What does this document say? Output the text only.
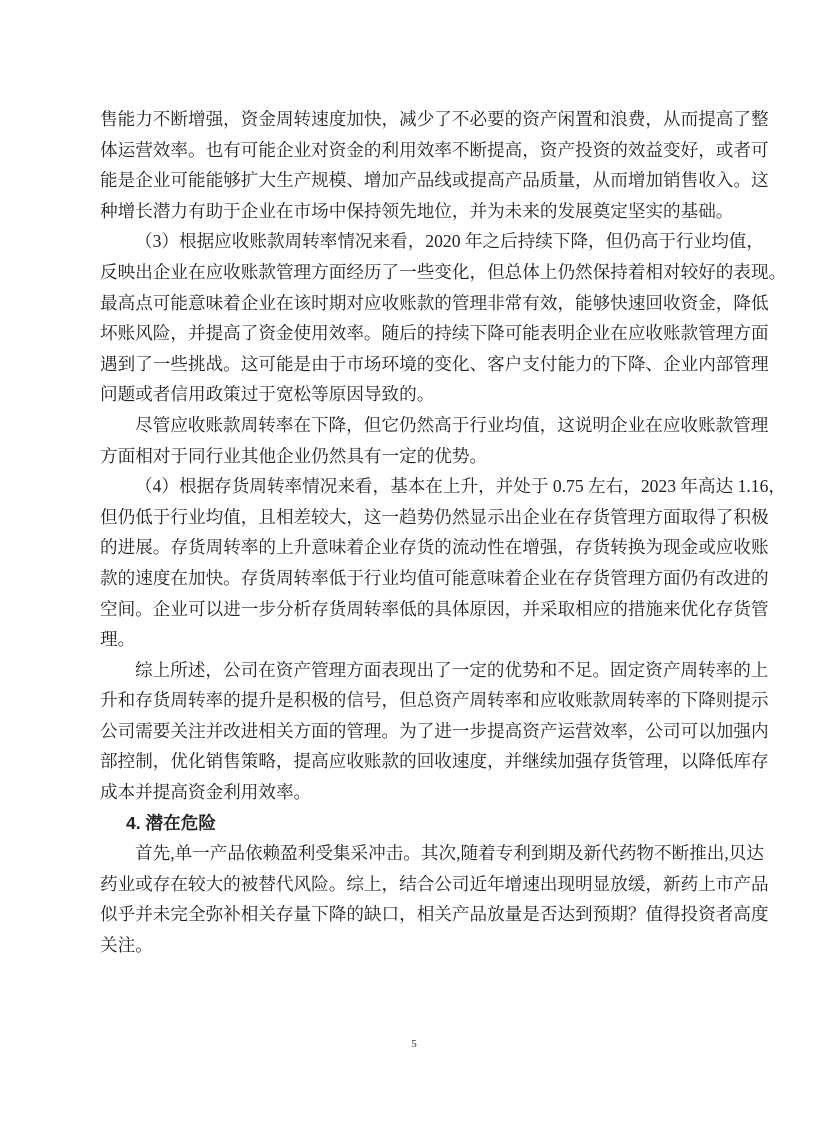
售能力不断增强，资金周转速度加快，减少了不必要的资产闲置和浪费，从而提高了整
体运营效率。也有可能企业对资金的利用效率不断提高，资产投资的效益变好，或者可
能是企业可能能够扩大生产规模、增加产品线或提高产品质量，从而增加销售收入。这
种增长潜力有助于企业在市场中保持领先地位，并为未来的发展奠定坚实的基础。
（3）根据应收账款周转率情况来看，2020 年之后持续下降，但仍高于行业均值，
反映出企业在应收账款管理方面经历了一些变化，但总体上仍然保持着相对较好的表现。
最高点可能意味着企业在该时期对应收账款的管理非常有效，能够快速回收资金，降低
坏账风险，并提高了资金使用效率。随后的持续下降可能表明企业在应收账款管理方面
遇到了一些挑战。这可能是由于市场环境的变化、客户支付能力的下降、企业内部管理
问题或者信用政策过于宽松等原因导致的。
尽管应收账款周转率在下降，但它仍然高于行业均值，这说明企业在应收账款管理
方面相对于同行业其他企业仍然具有一定的优势。
（4）根据存货周转率情况来看，基本在上升，并处于 0.75 左右，2023 年高达 1.16，
但仍低于行业均值，且相差较大，这一趋势仍然显示出企业在存货管理方面取得了积极
的进展。存货周转率的上升意味着企业存货的流动性在增强，存货转换为现金或应收账
款的速度在加快。存货周转率低于行业均值可能意味着企业在存货管理方面仍有改进的
空间。企业可以进一步分析存货周转率低的具体原因，并采取相应的措施来优化存货管
理。
综上所述，公司在资产管理方面表现出了一定的优势和不足。固定资产周转率的上
升和存货周转率的提升是积极的信号，但总资产周转率和应收账款周转率的下降则提示
公司需要关注并改进相关方面的管理。为了进一步提高资产运营效率，公司可以加强内
部控制，优化销售策略，提高应收账款的回收速度，并继续加强存货管理，以降低库存
成本并提高资金利用效率。
4. 潜在危险
首先,单一产品依赖盈利受集采冲击。其次,随着专利到期及新代药物不断推出,贝达
药业或存在较大的被替代风险。综上，结合公司近年增速出现明显放缓，新药上市产品
似乎并未完全弥补相关存量下降的缺口，相关产品放量是否达到预期？值得投资者高度
关注。
5
